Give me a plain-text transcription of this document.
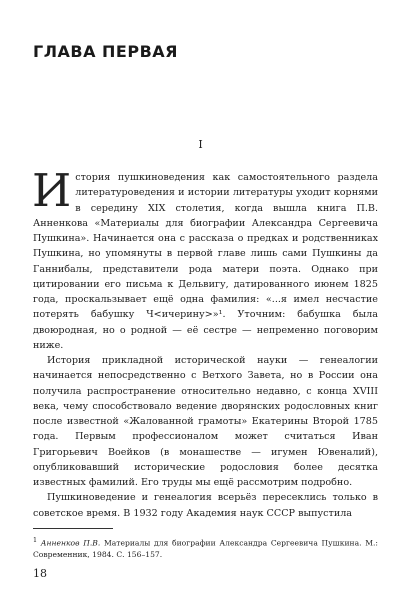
ГЛАВА ПЕРВАЯ
I

История пушкиноведения как самостоятельного раздела литературоведения и истории литературы уходит корнями в середину XIX столетия, когда вышла книга П.В. Анненкова «Материалы для биографии Александра Сергеевича Пушкина». Начинается она с рассказа о предках и родственниках Пушкина, но упомянуты в первой главе лишь сами Пушкины да Ганнибалы, представители рода матери поэта. Однако при цитировании его письма к Дельвигу, датированного июнем 1825 года, проскальзывает ещё одна фамилия: «...я имел несчастие потерять бабушку Ч<ичерину>»¹. Уточним: бабушка была двоюродная, но о родной — её сестре — непременно поговорим ниже.

История прикладной исторической науки — генеалогии начинается непосредственно с Ветхого Завета, но в России она получила распространение относительно недавно, с конца XVIII века, чему способствовало ведение дворянских родословных книг после известной «Жалованной грамоты» Екатерины Второй 1785 года. Первым профессионалом может считаться Иван Григорьевич Воейков (в монашестве — игумен Ювеналий), опубликовавший исторические родословия более десятка известных фамилий. Его труды мы ещё рассмотрим подробно.

Пушкиноведение и генеалогия всерьёз пересеклись только в советское время. В 1932 году Академия наук СССР выпустила

$^1$ Анненков П.В. Материалы для биографии Александра Сергеевича Пушкина. М.: Современник, 1984. С. 156–157.
18
